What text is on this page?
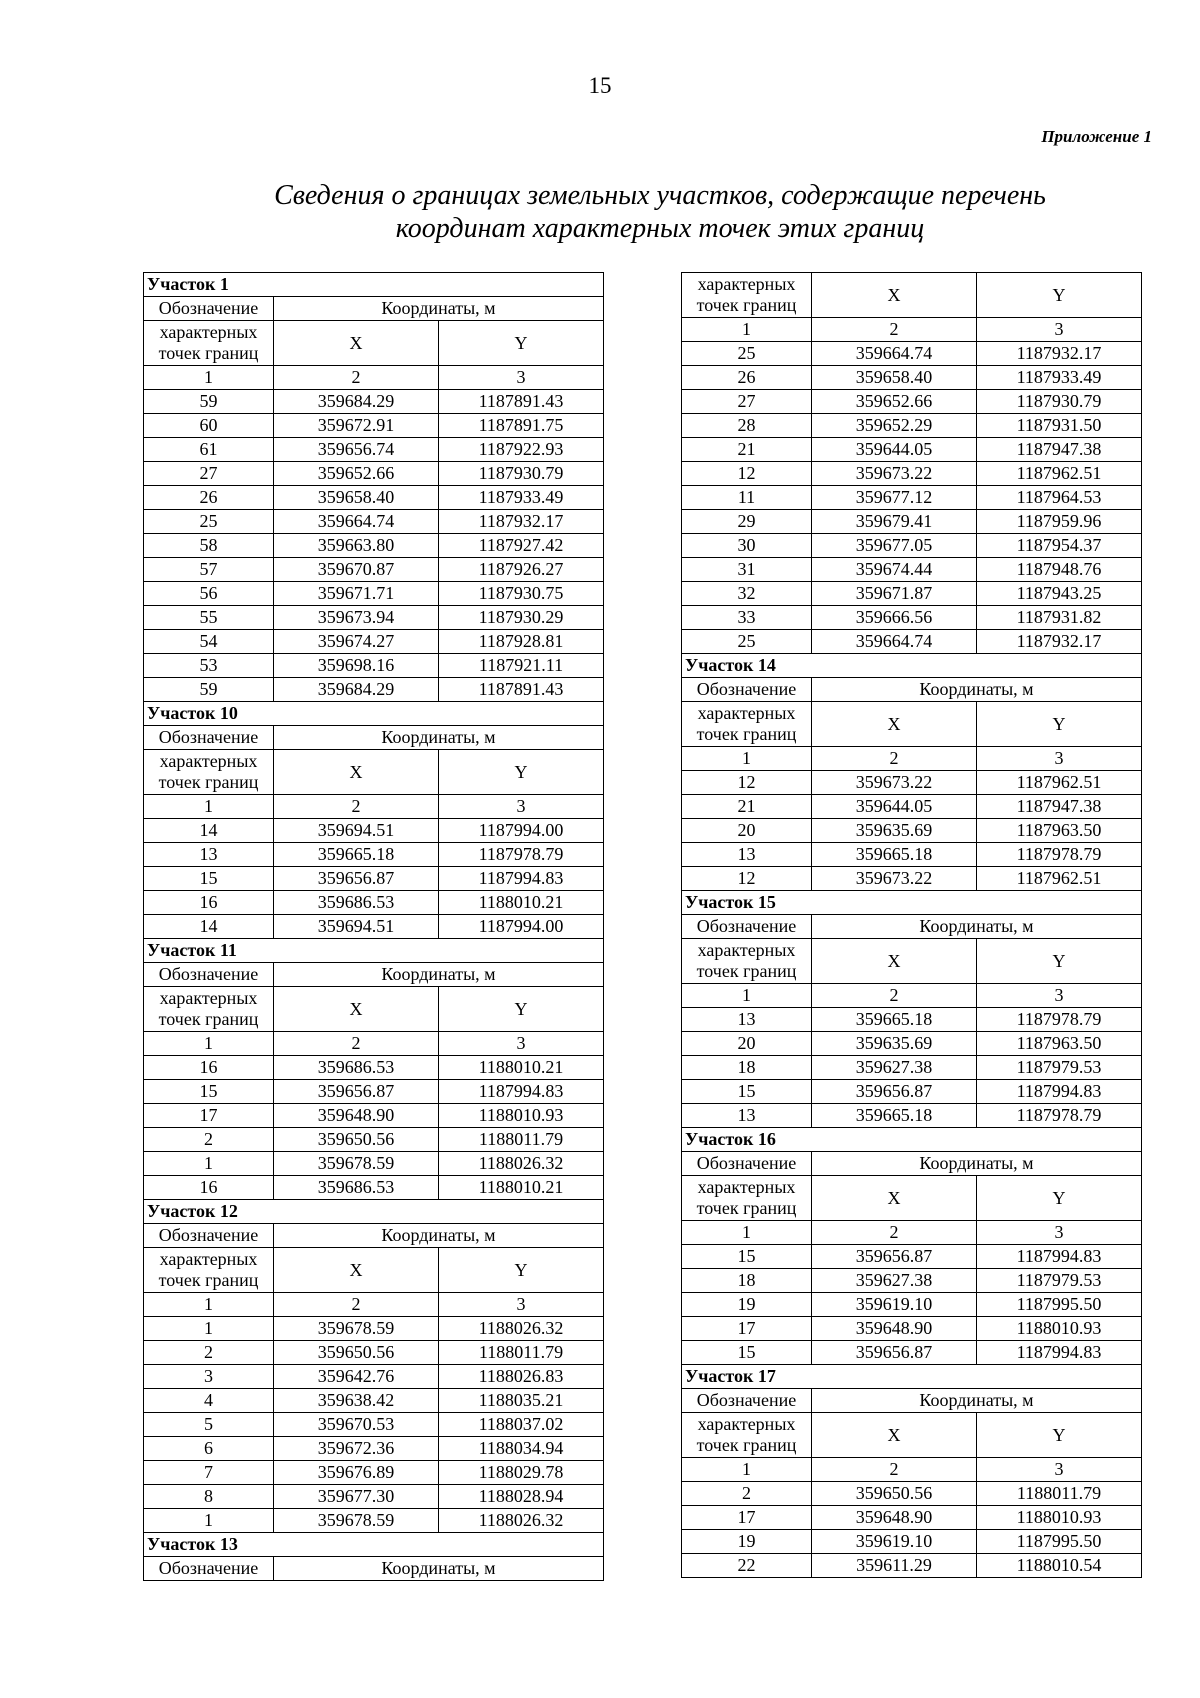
15
Приложение 1
Сведения о границах земельных участков, содержащие перечень
координат характерных точек этих границ
Участок 1		
Обозначение	Координаты, м	
характерных точек границ	X	Y
1	2	3
59	359684.29	1187891.43
60	359672.91	1187891.75
61	359656.74	1187922.93
27	359652.66	1187930.79
26	359658.40	1187933.49
25	359664.74	1187932.17
58	359663.80	1187927.42
57	359670.87	1187926.27
56	359671.71	1187930.75
55	359673.94	1187930.29
54	359674.27	1187928.81
53	359698.16	1187921.11
59	359684.29	1187891.43
Участок 10		
Обозначение	Координаты, м	
характерных точек границ	X	Y
1	2	3
14	359694.51	1187994.00
13	359665.18	1187978.79
15	359656.87	1187994.83
16	359686.53	1188010.21
14	359694.51	1187994.00
Участок 11		
Обозначение	Координаты, м	
характерных точек границ	X	Y
1	2	3
16	359686.53	1188010.21
15	359656.87	1187994.83
17	359648.90	1188010.93
2	359650.56	1188011.79
1	359678.59	1188026.32
16	359686.53	1188010.21
Участок 12		
Обозначение	Координаты, м	
характерных точек границ	X	Y
1	2	3
1	359678.59	1188026.32
2	359650.56	1188011.79
3	359642.76	1188026.83
4	359638.42	1188035.21
5	359670.53	1188037.02
6	359672.36	1188034.94
7	359676.89	1188029.78
8	359677.30	1188028.94
1	359678.59	1188026.32
Участок 13		
Обозначение	Координаты, м	
характерных точек границ	X	Y
1	2	3
25	359664.74	1187932.17
26	359658.40	1187933.49
27	359652.66	1187930.79
28	359652.29	1187931.50
21	359644.05	1187947.38
12	359673.22	1187962.51
11	359677.12	1187964.53
29	359679.41	1187959.96
30	359677.05	1187954.37
31	359674.44	1187948.76
32	359671.87	1187943.25
33	359666.56	1187931.82
25	359664.74	1187932.17
Участок 14		
Обозначение	Координаты, м	
характерных точек границ	X	Y
1	2	3
12	359673.22	1187962.51
21	359644.05	1187947.38
20	359635.69	1187963.50
13	359665.18	1187978.79
12	359673.22	1187962.51
Участок 15		
Обозначение	Координаты, м	
характерных точек границ	X	Y
1	2	3
13	359665.18	1187978.79
20	359635.69	1187963.50
18	359627.38	1187979.53
15	359656.87	1187994.83
13	359665.18	1187978.79
Участок 16		
Обозначение	Координаты, м	
характерных точек границ	X	Y
1	2	3
15	359656.87	1187994.83
18	359627.38	1187979.53
19	359619.10	1187995.50
17	359648.90	1188010.93
15	359656.87	1187994.83
Участок 17		
Обозначение	Координаты, м	
характерных точек границ	X	Y
1	2	3
2	359650.56	1188011.79
17	359648.90	1188010.93
19	359619.10	1187995.50
22	359611.29	1188010.54
